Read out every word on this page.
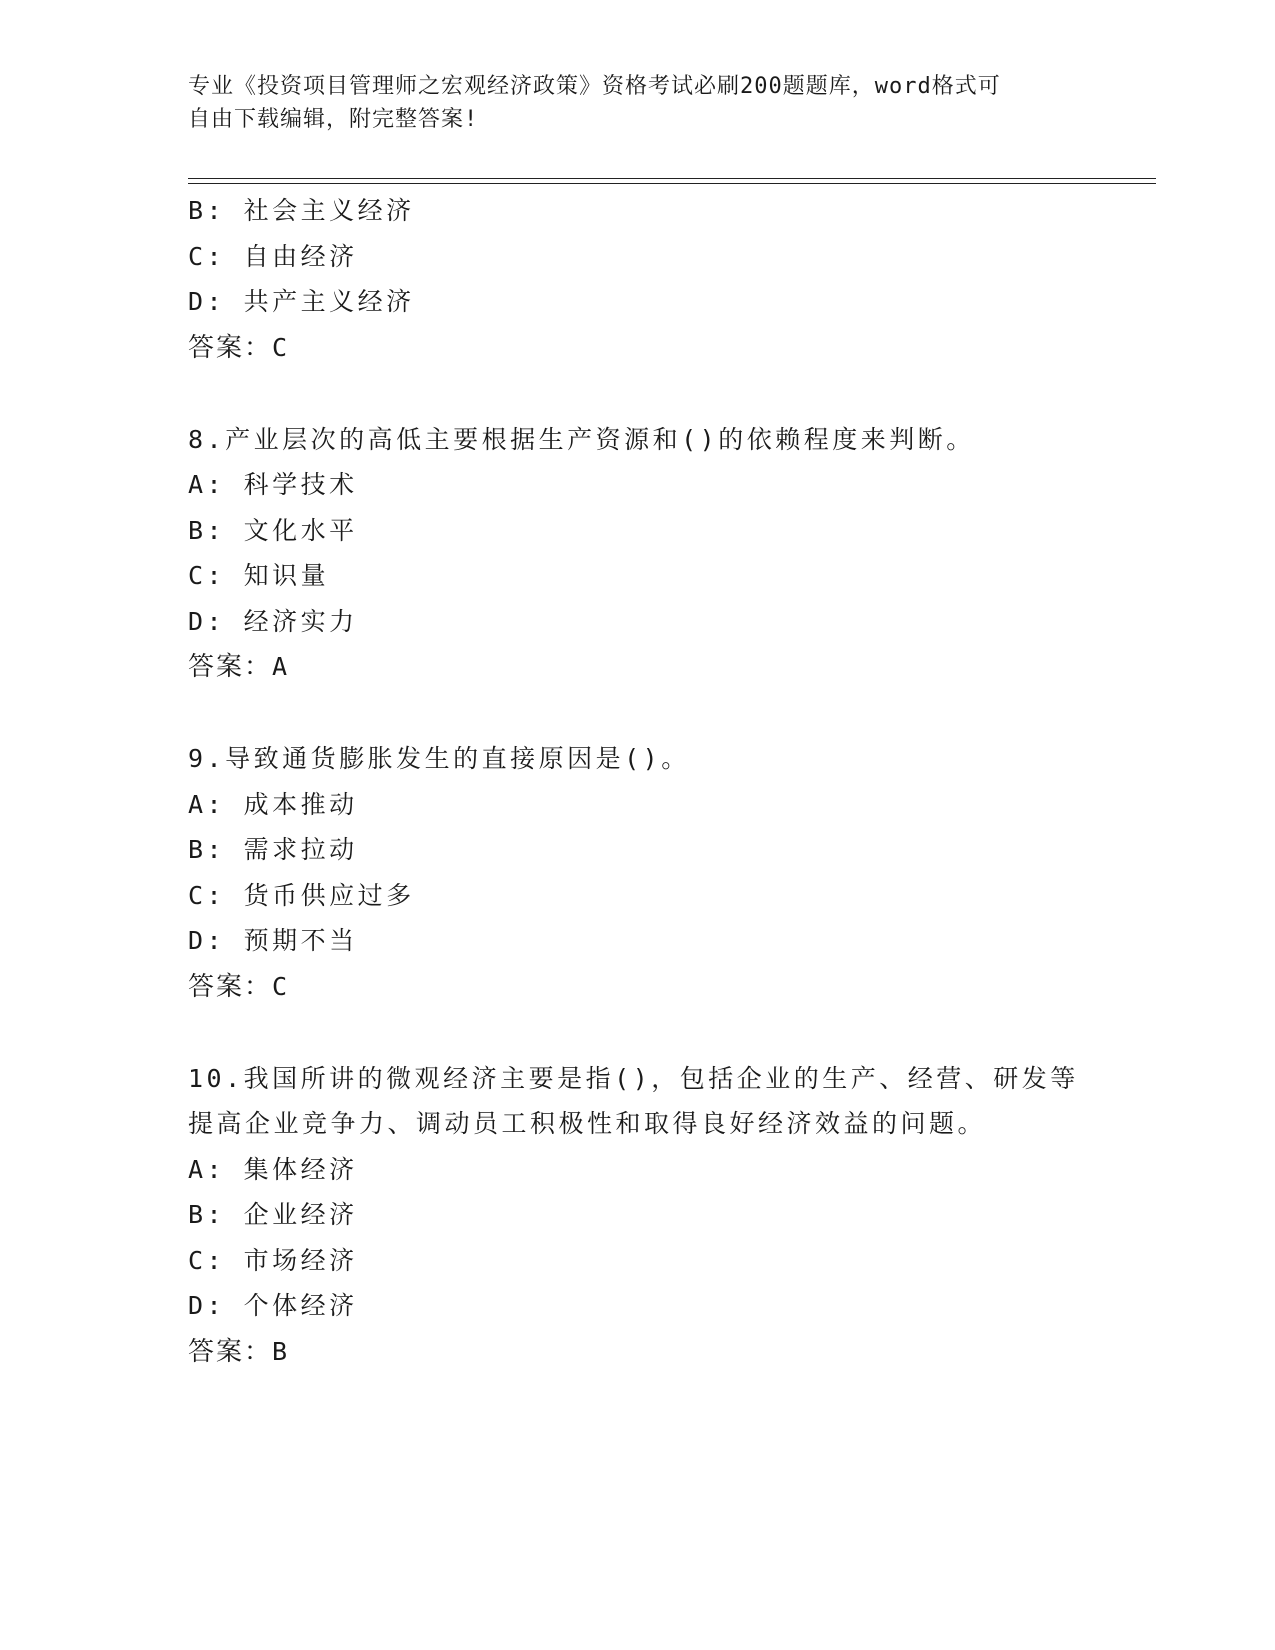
专业《投资项目管理师之宏观经济政策》资格考试必刷200题题库，word格式可
自由下载编辑，附完整答案!
B: 社会主义经济
C: 自由经济
D: 共产主义经济
答案：C
8.产业层次的高低主要根据生产资源和()的依赖程度来判断。
A: 科学技术
B: 文化水平
C: 知识量
D: 经济实力
答案：A
9.导致通货膨胀发生的直接原因是()。
A: 成本推动
B: 需求拉动
C: 货币供应过多
D: 预期不当
答案：C
10.我国所讲的微观经济主要是指()，包括企业的生产、经营、研发等
提高企业竞争力、调动员工积极性和取得良好经济效益的问题。
A: 集体经济
B: 企业经济
C: 市场经济
D: 个体经济
答案：B
